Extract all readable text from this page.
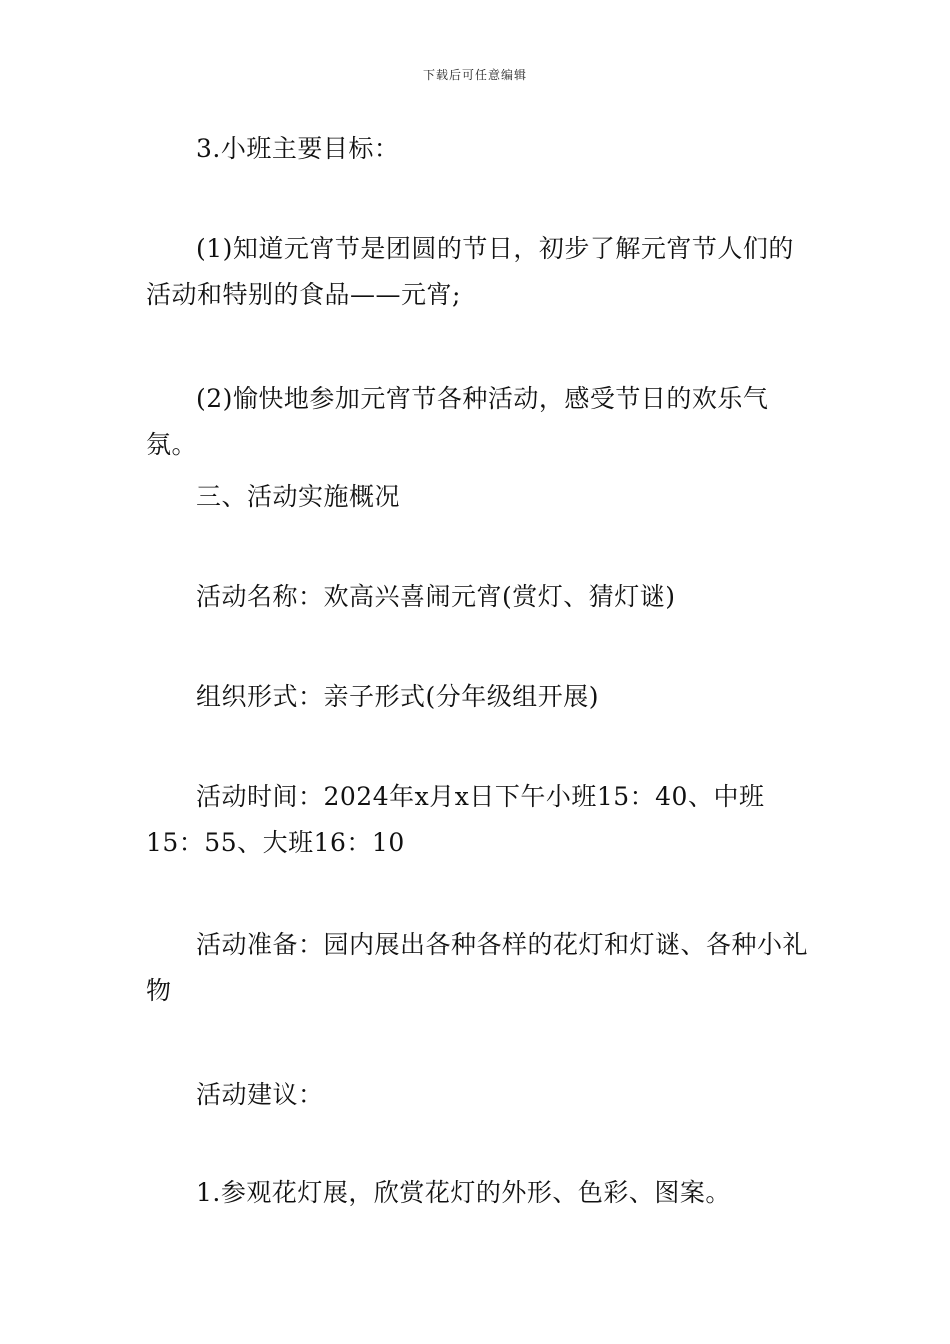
下载后可任意编辑

3.小班主要目标：

(1)知道元宵节是团圆的节日，初步了解元宵节人们的活动和特别的食品——元宵;

(2)愉快地参加元宵节各种活动，感受节日的欢乐气氛。

三、活动实施概况

活动名称：欢高兴喜闹元宵(赏灯、猜灯谜)

组织形式：亲子形式(分年级组开展)

活动时间：2024年x月x日下午小班15：40、中班15：55、大班16：10

活动准备：园内展出各种各样的花灯和灯谜、各种小礼物

活动建议：

1.参观花灯展，欣赏花灯的外形、色彩、图案。
